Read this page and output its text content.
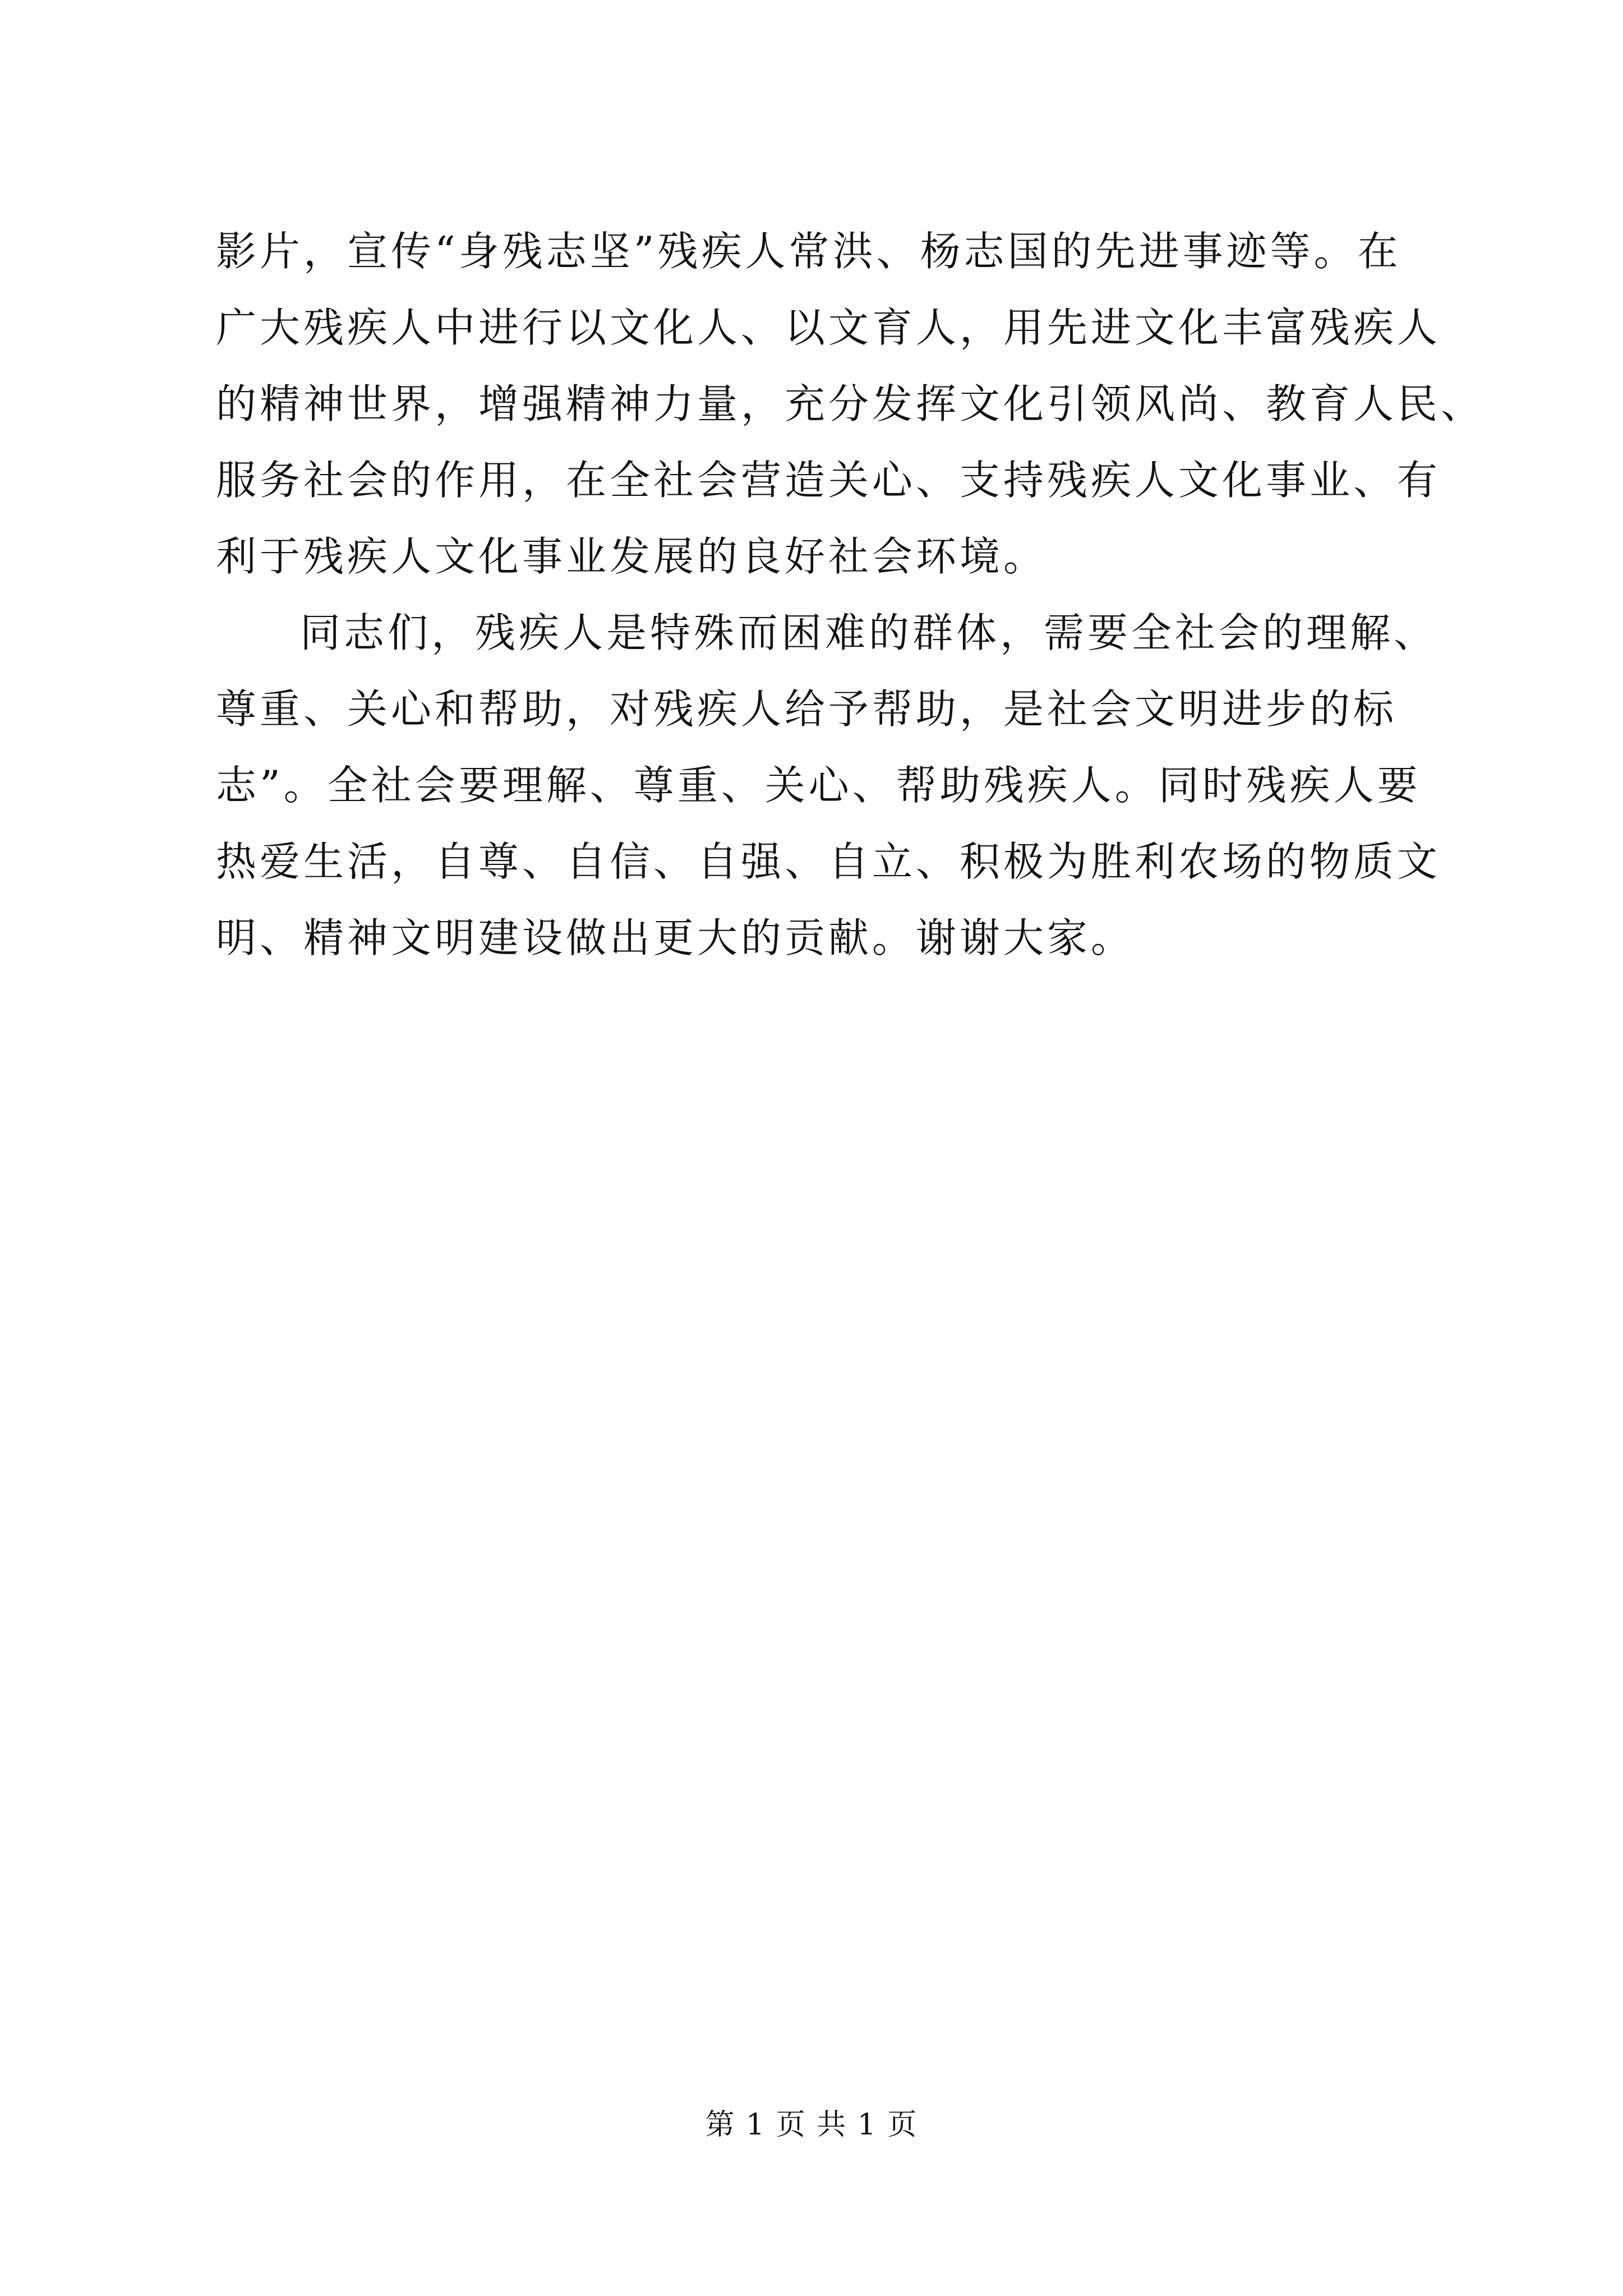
影片，宣传“身残志坚”残疾人常洪、杨志国的先进事迹等。在
广大残疾人中进行以文化人、以文育人，用先进文化丰富残疾人
的精神世界，增强精神力量，充分发挥文化引领风尚、教育人民、
服务社会的作用，在全社会营造关心、支持残疾人文化事业、有
利于残疾人文化事业发展的良好社会环境。
同志们，残疾人是特殊而困难的群体，需要全社会的理解、
尊重、关心和帮助，对残疾人给予帮助，是社会文明进步的标
志”。全社会要理解、尊重、关心、帮助残疾人。同时残疾人要
热爱生活，自尊、自信、自强、自立、积极为胜利农场的物质文
明、精神文明建设做出更大的贡献。谢谢大家。
第 1 页 共 1 页
